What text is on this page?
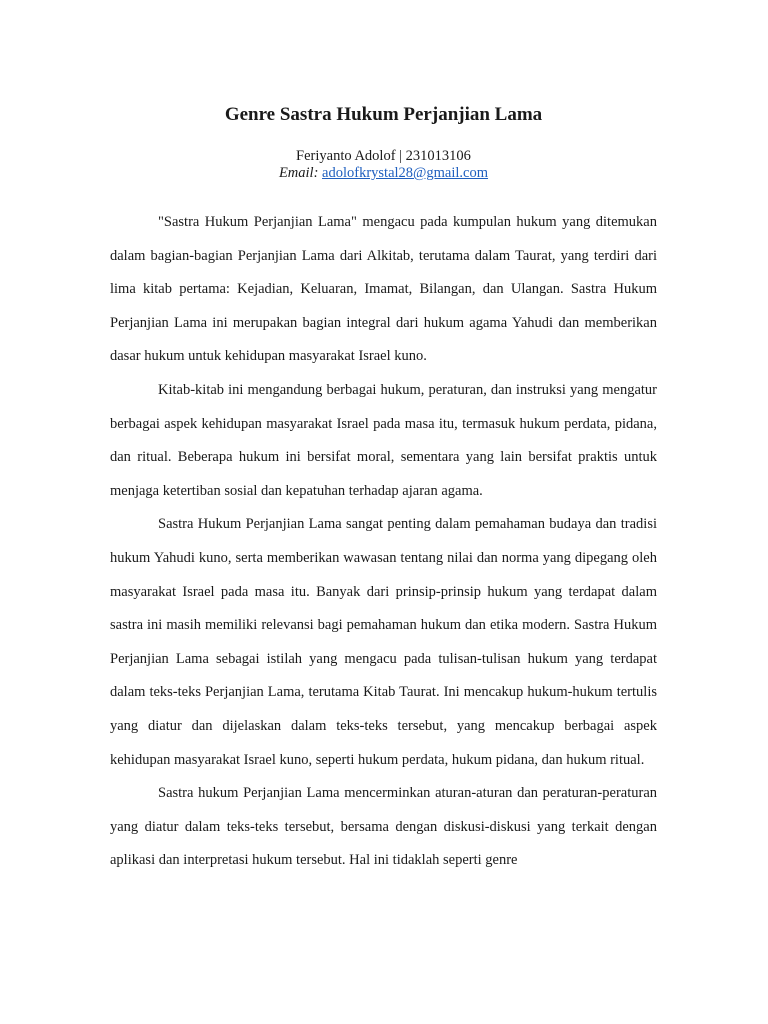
Genre Sastra Hukum Perjanjian Lama
Feriyanto Adolof | 231013106
Email: adolofkrystal28@gmail.com

"Sastra Hukum Perjanjian Lama" mengacu pada kumpulan hukum yang ditemukan dalam bagian-bagian Perjanjian Lama dari Alkitab, terutama dalam Taurat, yang terdiri dari lima kitab pertama: Kejadian, Keluaran, Imamat, Bilangan, dan Ulangan. Sastra Hukum Perjanjian Lama ini merupakan bagian integral dari hukum agama Yahudi dan memberikan dasar hukum untuk kehidupan masyarakat Israel kuno.

Kitab-kitab ini mengandung berbagai hukum, peraturan, dan instruksi yang mengatur berbagai aspek kehidupan masyarakat Israel pada masa itu, termasuk hukum perdata, pidana, dan ritual. Beberapa hukum ini bersifat moral, sementara yang lain bersifat praktis untuk menjaga ketertiban sosial dan kepatuhan terhadap ajaran agama.

Sastra Hukum Perjanjian Lama sangat penting dalam pemahaman budaya dan tradisi hukum Yahudi kuno, serta memberikan wawasan tentang nilai dan norma yang dipegang oleh masyarakat Israel pada masa itu. Banyak dari prinsip-prinsip hukum yang terdapat dalam sastra ini masih memiliki relevansi bagi pemahaman hukum dan etika modern. Sastra Hukum Perjanjian Lama sebagai istilah yang mengacu pada tulisan-tulisan hukum yang terdapat dalam teks-teks Perjanjian Lama, terutama Kitab Taurat. Ini mencakup hukum-hukum tertulis yang diatur dan dijelaskan dalam teks-teks tersebut, yang mencakup berbagai aspek kehidupan masyarakat Israel kuno, seperti hukum perdata, hukum pidana, dan hukum ritual.

Sastra hukum Perjanjian Lama mencerminkan aturan-aturan dan peraturan-peraturan yang diatur dalam teks-teks tersebut, bersama dengan diskusi-diskusi yang terkait dengan aplikasi dan interpretasi hukum tersebut. Hal ini tidaklah seperti genre
